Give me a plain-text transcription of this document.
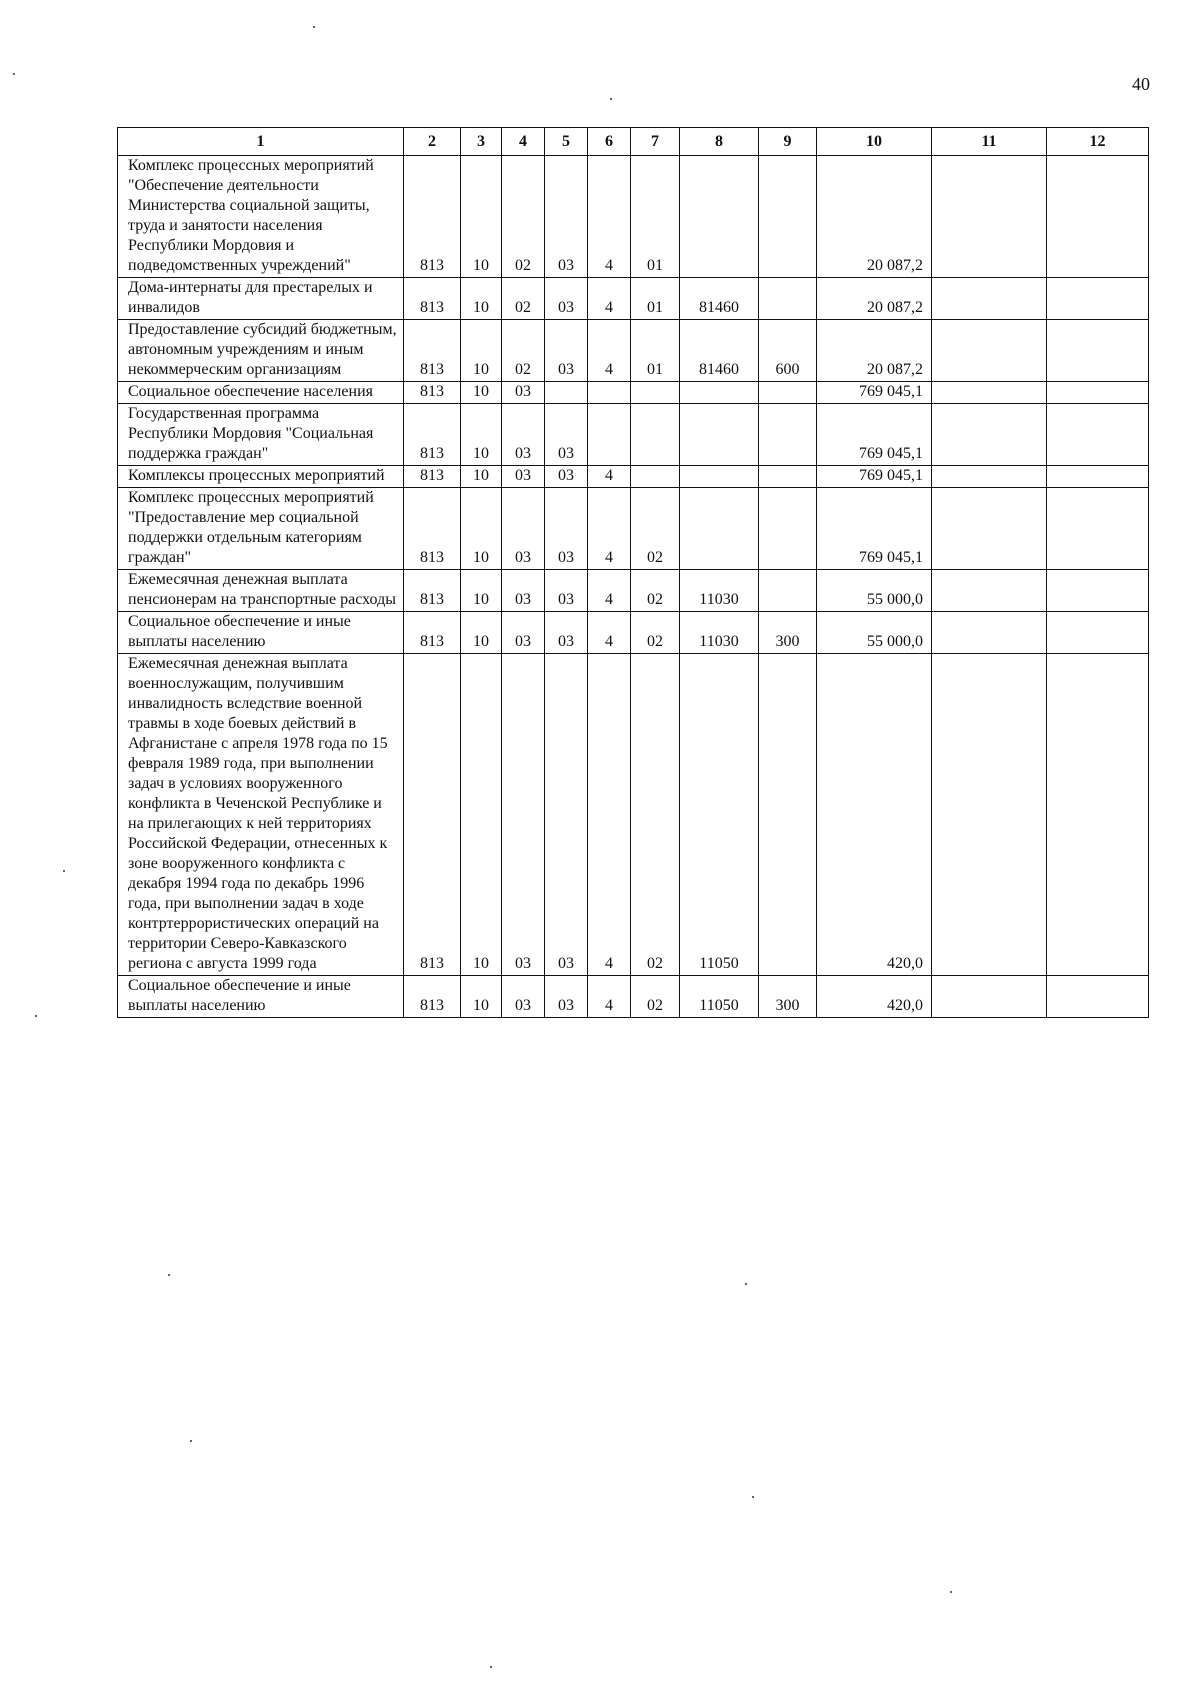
40
1	2	3	4	5	6	7	8	9	10	11	12
Комплекс процессных мероприятий "Обеспечение деятельности Министерства социальной защиты, труда и занятости населения Республики Мордовия и подведомственных учреждений"	813	10	02	03	4	01			20 087,2		
Дома-интернаты для престарелых и инвалидов	813	10	02	03	4	01	81460		20 087,2		
Предоставление субсидий бюджетным, автономным учреждениям и иным некоммерческим организациям	813	10	02	03	4	01	81460	600	20 087,2		
Социальное обеспечение населения	813	10	03						769 045,1		
Государственная программа Республики Мордовия "Социальная поддержка граждан"	813	10	03	03					769 045,1		
Комплексы процессных мероприятий	813	10	03	03	4				769 045,1		
Комплекс процессных мероприятий "Предоставление мер социальной поддержки отдельным категориям граждан"	813	10	03	03	4	02			769 045,1		
Ежемесячная денежная выплата пенсионерам на транспортные расходы	813	10	03	03	4	02	11030		55 000,0		
Социальное обеспечение и иные выплаты населению	813	10	03	03	4	02	11030	300	55 000,0		
Ежемесячная денежная выплата военнослужащим, получившим инвалидность вследствие военной травмы в ходе боевых действий в Афганистане с апреля 1978 года по 15 февраля 1989 года, при выполнении задач в условиях вооруженного конфликта в Чеченской Республике и на прилегающих к ней территориях Российской Федерации, отнесенных к зоне вооруженного конфликта с декабря 1994 года по декабрь 1996 года, при выполнении задач в ходе контртеррористических операций на территории Северо-Кавказского региона с августа 1999 года	813	10	03	03	4	02	11050		420,0		
Социальное обеспечение и иные выплаты населению	813	10	03	03	4	02	11050	300	420,0		
